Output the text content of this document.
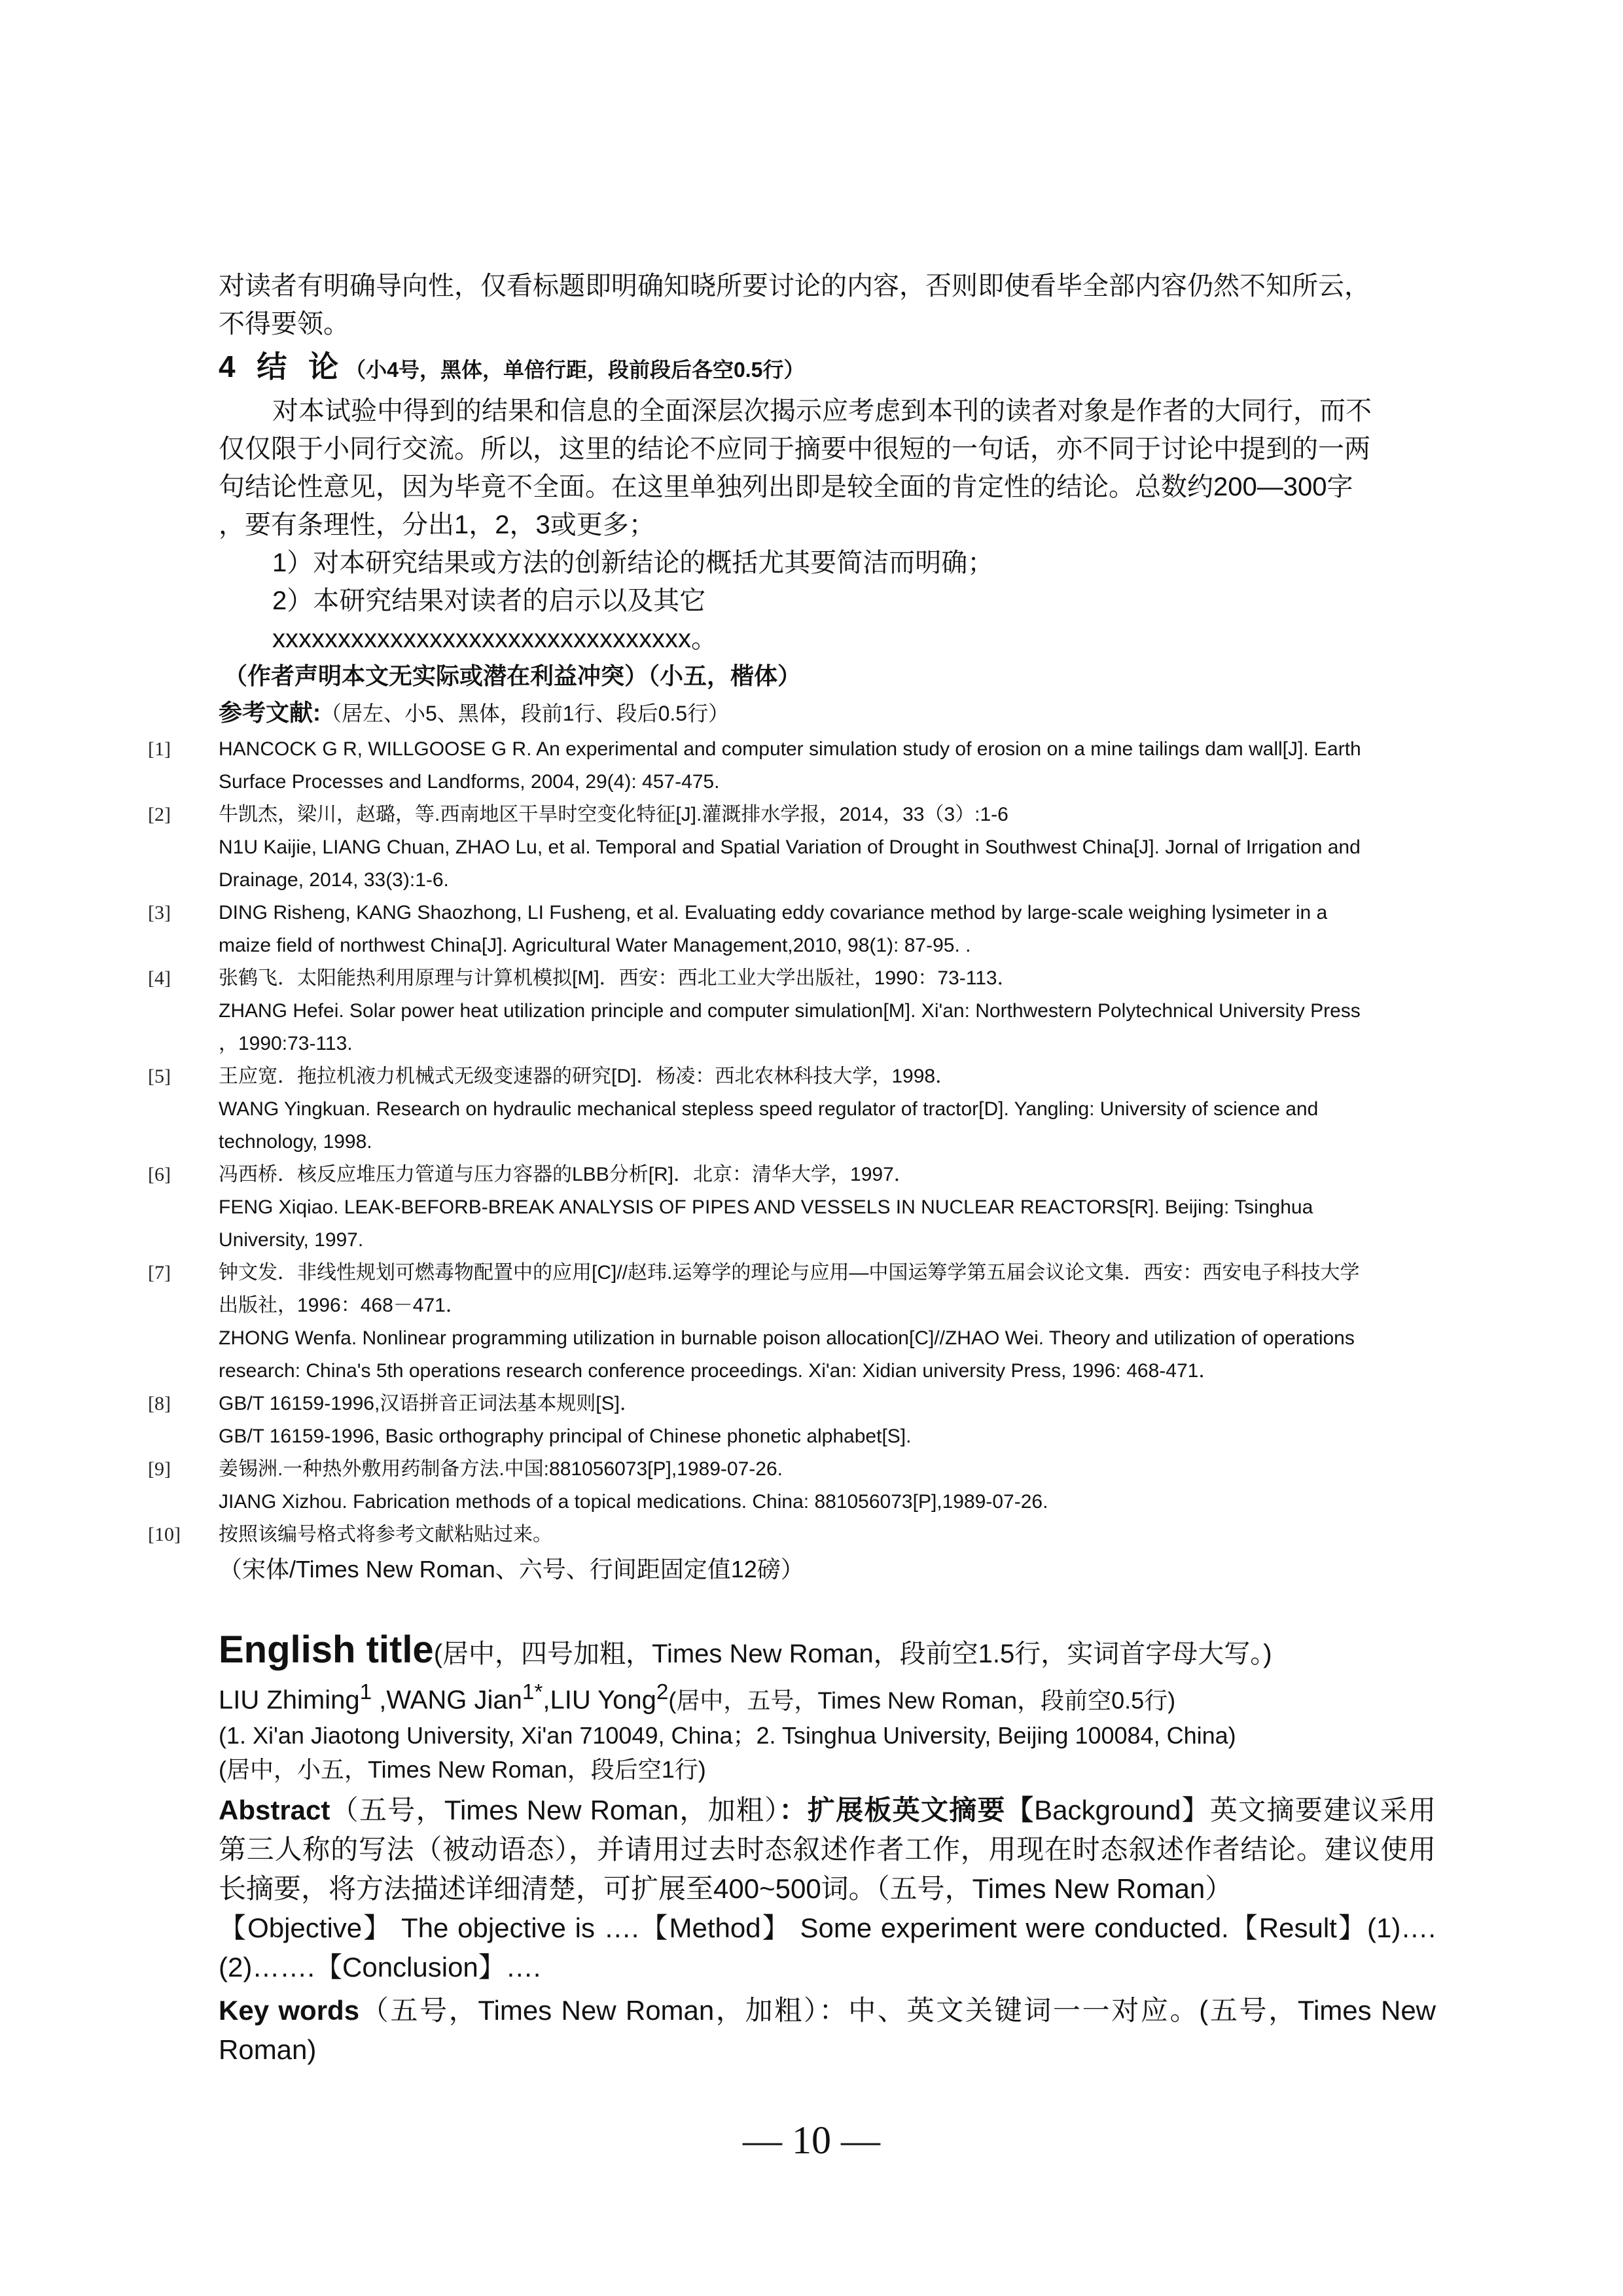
对读者有明确导向性，仅看标题即明确知晓所要讨论的内容，否则即使看毕全部内容仍然不知所云，

不得要领。

4 结 论（小4号，黑体，单倍行距，段前段后各空0.5行）

对本试验中得到的结果和信息的全面深层次揭示应考虑到本刊的读者对象是作者的大同行，而不

仅仅限于小同行交流。所以，这里的结论不应同于摘要中很短的一句话，亦不同于讨论中提到的一两

句结论性意见，因为毕竟不全面。在这里单独列出即是较全面的肯定性的结论。总数约200—300字

，要有条理性，分出1，2，3或更多；

1）对本研究结果或方法的创新结论的概括尤其要简洁而明确；

2）本研究结果对读者的启示以及其它

xxxxxxxxxxxxxxxxxxxxxxxxxxxxxxxx。

（作者声明本文无实际或潜在利益冲突）（小五，楷体）
参考文献:（居左、小5、黑体，段前1行、段后0.5行）
[1]	HANCOCK G R, WILLGOOSE G R. An experimental and computer simulation study of erosion on a mine tailings dam wall[J]. Earth
Surface Processes and Landforms, 2004, 29(4): 457-475.
[2]	牛凯杰，梁川，赵璐，等.西南地区干旱时空变化特征[J].灌溉排水学报，2014，33（3）:1-6
N1U Kaijie, LIANG Chuan, ZHAO Lu, et al. Temporal and Spatial Variation of Drought in Southwest China[J]. Jornal of Irrigation and
Drainage, 2014, 33(3):1-6.
[3]	DING Risheng, KANG Shaozhong, LI Fusheng, et al. Evaluating eddy covariance method by large-scale weighing lysimeter in a
maize field of northwest China[J]. Agricultural Water Management,2010, 98(1): 87-95. .
[4]	张鹤飞．太阳能热利用原理与计算机模拟[M]．西安：西北工业大学出版社，1990：73-113．
ZHANG Hefei. Solar power heat utilization principle and computer simulation[M]. Xi'an: Northwestern Polytechnical University Press
，1990:73-113.
[5]	王应宽．拖拉机液力机械式无级变速器的研究[D]．杨凌：西北农林科技大学，1998．
WANG Yingkuan. Research on hydraulic mechanical stepless speed regulator of tractor[D]. Yangling: University of science and
technology, 1998.
[6]	冯西桥．核反应堆压力管道与压力容器的LBB分析[R]．北京：清华大学，1997．
FENG Xiqiao. LEAK-BEFORB-BREAK ANALYSIS OF PIPES AND VESSELS IN NUCLEAR REACTORS[R]. Beijing: Tsinghua
University, 1997.
[7]	钟文发．非线性规划可燃毒物配置中的应用[C]//赵玮.运筹学的理论与应用—中国运筹学第五届会议论文集．西安：西安电子科技大学
出版社，1996：468－471．
ZHONG Wenfa. Nonlinear programming utilization in burnable poison allocation[C]//ZHAO Wei. Theory and utilization of operations
research: China's 5th operations research conference proceedings. Xi'an: Xidian university Press, 1996: 468-471．
[8]	GB/T 16159-1996,汉语拼音正词法基本规则[S]．
GB/T 16159-1996, Basic orthography principal of Chinese phonetic alphabet[S].
[9]	姜锡洲.一种热外敷用药制备方法.中国:881056073[P],1989-07-26.
JIANG Xizhou. Fabrication methods of a topical medications. China: 881056073[P],1989-07-26.
[10]	按照该编号格式将参考文献粘贴过来。
（宋体/Times New Roman、六号、行间距固定值12磅）
English title(居中，四号加粗，Times New Roman，段前空1.5行，实词首字母大写。)
LIU Zhiming$^1$ ,WANG Jian$^{1*}$,LIU Yong$^2$(居中，五号，Times New Roman，段前空0.5行)
(1. Xi'an Jiaotong University, Xi'an 710049, China；2. Tsinghua University, Beijing 100084, China)
(居中，小五，Times New Roman，段后空1行)
Abstract（五号，Times New Roman，加粗）：扩展板英文摘要【Background】英文摘要建议采用第三人称的写法（被动语态），并请用过去时态叙述作者工作，用现在时态叙述作者结论。建议使用长摘要，将方法描述详细清楚，可扩展至400~500词。（五号，Times New Roman）
【Objective】 The objective is ….【Method】 Some experiment were conducted.【Result】(1)….(2)…….【Conclusion】….
Key words（五号，Times New Roman，加粗）：中、英文关键词一一对应。(五号，Times New Roman)
— 10 —
